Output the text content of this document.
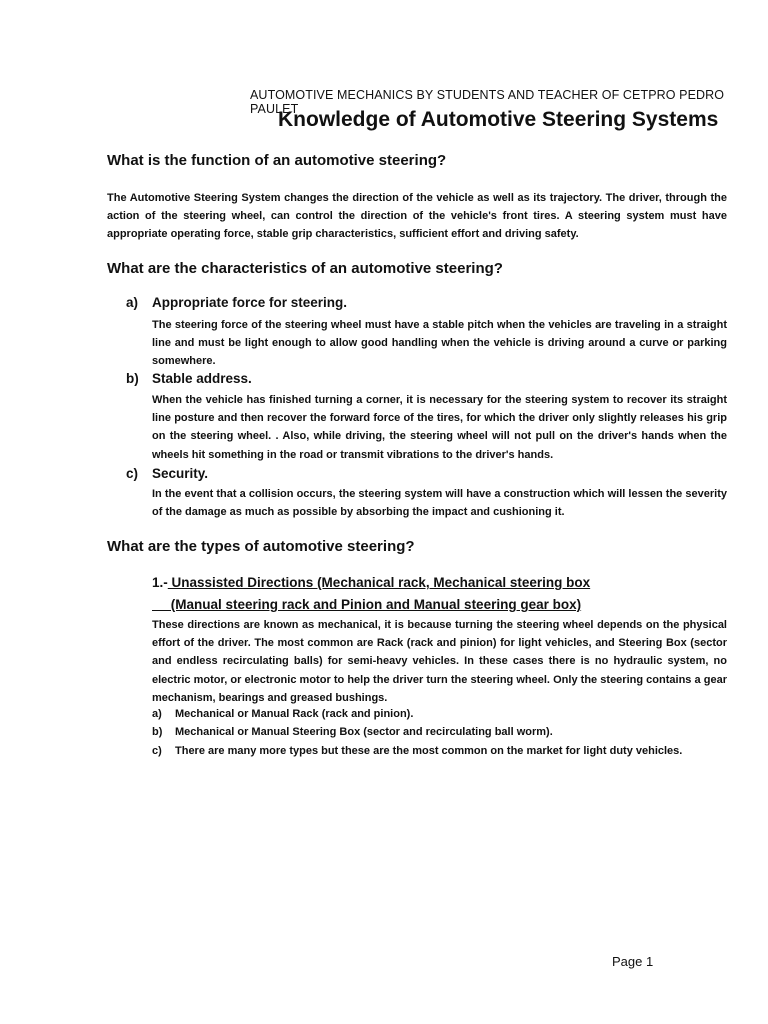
AUTOMOTIVE MECHANICS BY STUDENTS AND TEACHER OF CETPRO PEDRO PAULET
Knowledge of Automotive Steering Systems
What is the function of an automotive steering?
The Automotive Steering System changes the direction of the vehicle as well as its trajectory. The driver, through the action of the steering wheel, can control the direction of the vehicle's front tires. A steering system must have appropriate operating force, stable grip characteristics, sufficient effort and driving safety.
What are the characteristics of an automotive steering?
a) Appropriate force for steering.
The steering force of the steering wheel must have a stable pitch when the vehicles are traveling in a straight line and must be light enough to allow good handling when the vehicle is driving around a curve or parking somewhere.
b) Stable address.
When the vehicle has finished turning a corner, it is necessary for the steering system to recover its straight line posture and then recover the forward force of the tires, for which the driver only slightly releases his grip on the steering wheel. . Also, while driving, the steering wheel will not pull on the driver's hands when the wheels hit something in the road or transmit vibrations to the driver's hands.
c) Security.
In the event that a collision occurs, the steering system will have a construction which will lessen the severity of the damage as much as possible by absorbing the impact and cushioning it.
What are the types of automotive steering?
1.- Unassisted Directions (Mechanical rack, Mechanical steering box
(Manual steering rack and Pinion and Manual steering gear box)
These directions are known as mechanical, it is because turning the steering wheel depends on the physical effort of the driver. The most common are Rack (rack and pinion) for light vehicles, and Steering Box (sector and endless recirculating balls) for semi-heavy vehicles. In these cases there is no hydraulic system, no electric motor, or electronic motor to help the driver turn the steering wheel. Only the steering contains a gear mechanism, bearings and greased bushings.
a) Mechanical or Manual Rack (rack and pinion).
b) Mechanical or Manual Steering Box (sector and recirculating ball worm).
c) There are many more types but these are the most common on the market for light duty vehicles.
Page 1
